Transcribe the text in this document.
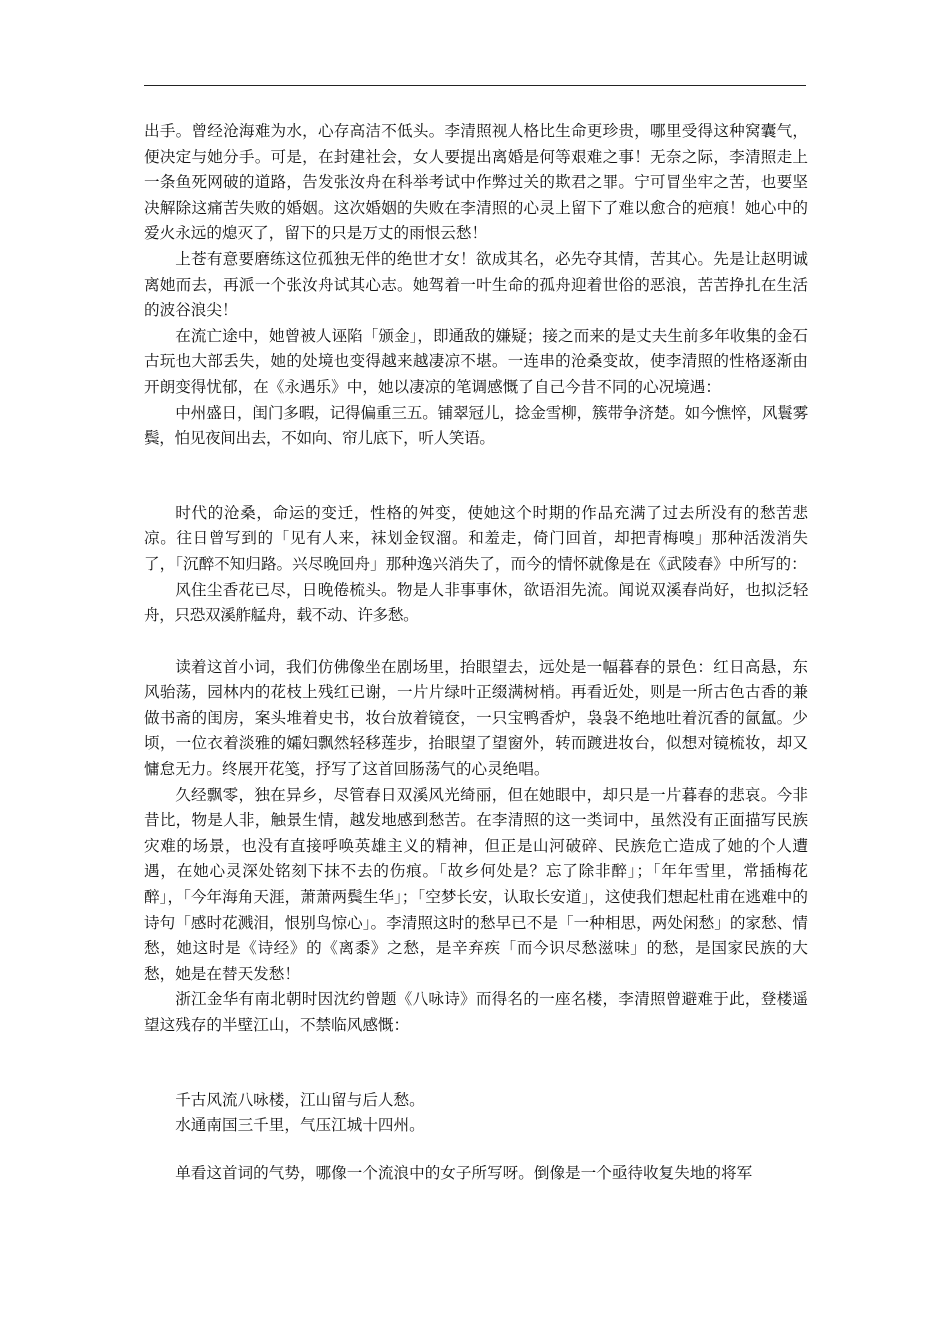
出手。曾经沧海难为水，心存高洁不低头。李清照视人格比生命更珍贵，哪里受得这种窝囊气，便决定与她分手。可是，在封建社会，女人要提出离婚是何等艰难之事！无奈之际，李清照走上一条鱼死网破的道路，告发张汝舟在科举考试中作弊过关的欺君之罪。宁可冒坐牢之苦，也要坚决解除这痛苦失败的婚姻。这次婚姻的失败在李清照的心灵上留下了难以愈合的疤痕！她心中的爱火永远的熄灭了，留下的只是万丈的雨恨云愁！

上苍有意要磨练这位孤独无伴的绝世才女！欲成其名，必先夺其情，苦其心。先是让赵明诚离她而去，再派一个张汝舟试其心志。她驾着一叶生命的孤舟迎着世俗的恶浪，苦苦挣扎在生活的波谷浪尖！

在流亡途中，她曾被人诬陷「颁金」，即通敌的嫌疑；接之而来的是丈夫生前多年收集的金石古玩也大部丢失，她的处境也变得越来越凄凉不堪。一连串的沧桑变故，使李清照的性格逐渐由开朗变得忧郁，在《永遇乐》中，她以凄凉的笔调感慨了自己今昔不同的心况境遇：

中州盛日，闺门多暇，记得偏重三五。铺翠冠儿，捻金雪柳，簇带争济楚。如今憔悴，风鬟雾鬓，怕见夜间出去，不如向、帘儿底下，听人笑语。

时代的沧桑，命运的变迁，性格的舛变，使她这个时期的作品充满了过去所没有的愁苦悲凉。往日曾写到的「见有人来，袜划金钗溜。和羞走，倚门回首，却把青梅嗅」那种活泼消失了，「沉醉不知归路。兴尽晚回舟」那种逸兴消失了，而今的情怀就像是在《武陵春》中所写的：

风住尘香花已尽，日晚倦梳头。物是人非事事休，欲语泪先流。闻说双溪春尚好，也拟泛轻舟，只恐双溪舴艋舟，载不动、许多愁。

读着这首小词，我们仿佛像坐在剧场里，抬眼望去，远处是一幅暮春的景色：红日高悬，东风骀荡，园林内的花枝上残红已谢，一片片绿叶正缀满树梢。再看近处，则是一所古色古香的兼做书斋的闺房，案头堆着史书，妆台放着镜奁，一只宝鸭香炉，袅袅不绝地吐着沉香的氤氲。少顷，一位衣着淡雅的孀妇飘然轻移莲步，抬眼望了望窗外，转而踱进妆台，似想对镜梳妆，却又慵怠无力。终展开花笺，抒写了这首回肠荡气的心灵绝唱。

久经飘零，独在异乡，尽管春日双溪风光绮丽，但在她眼中，却只是一片暮春的悲哀。今非昔比，物是人非，触景生情，越发地感到愁苦。在李清照的这一类词中，虽然没有正面描写民族灾难的场景，也没有直接呼唤英雄主义的精神，但正是山河破碎、民族危亡造成了她的个人遭遇，在她心灵深处铭刻下抹不去的伤痕。「故乡何处是？忘了除非醉」；「年年雪里，常插梅花醉」，「今年海角天涯，萧萧两鬓生华」；「空梦长安，认取长安道」，这使我们想起杜甫在逃难中的诗句「感时花溅泪，恨别鸟惊心」。李清照这时的愁早已不是「一种相思，两处闲愁」的家愁、情愁，她这时是《诗经》的《离黍》之愁，是辛弃疾「而今识尽愁滋味」的愁，是国家民族的大愁，她是在替天发愁！

浙江金华有南北朝时因沈约曾题《八咏诗》而得名的一座名楼，李清照曾避难于此，登楼遥望这残存的半壁江山，不禁临风感慨：

千古风流八咏楼，江山留与后人愁。

水通南国三千里，气压江城十四州。

单看这首词的气势，哪像一个流浪中的女子所写呀。倒像是一个亟待收复失地的将军
